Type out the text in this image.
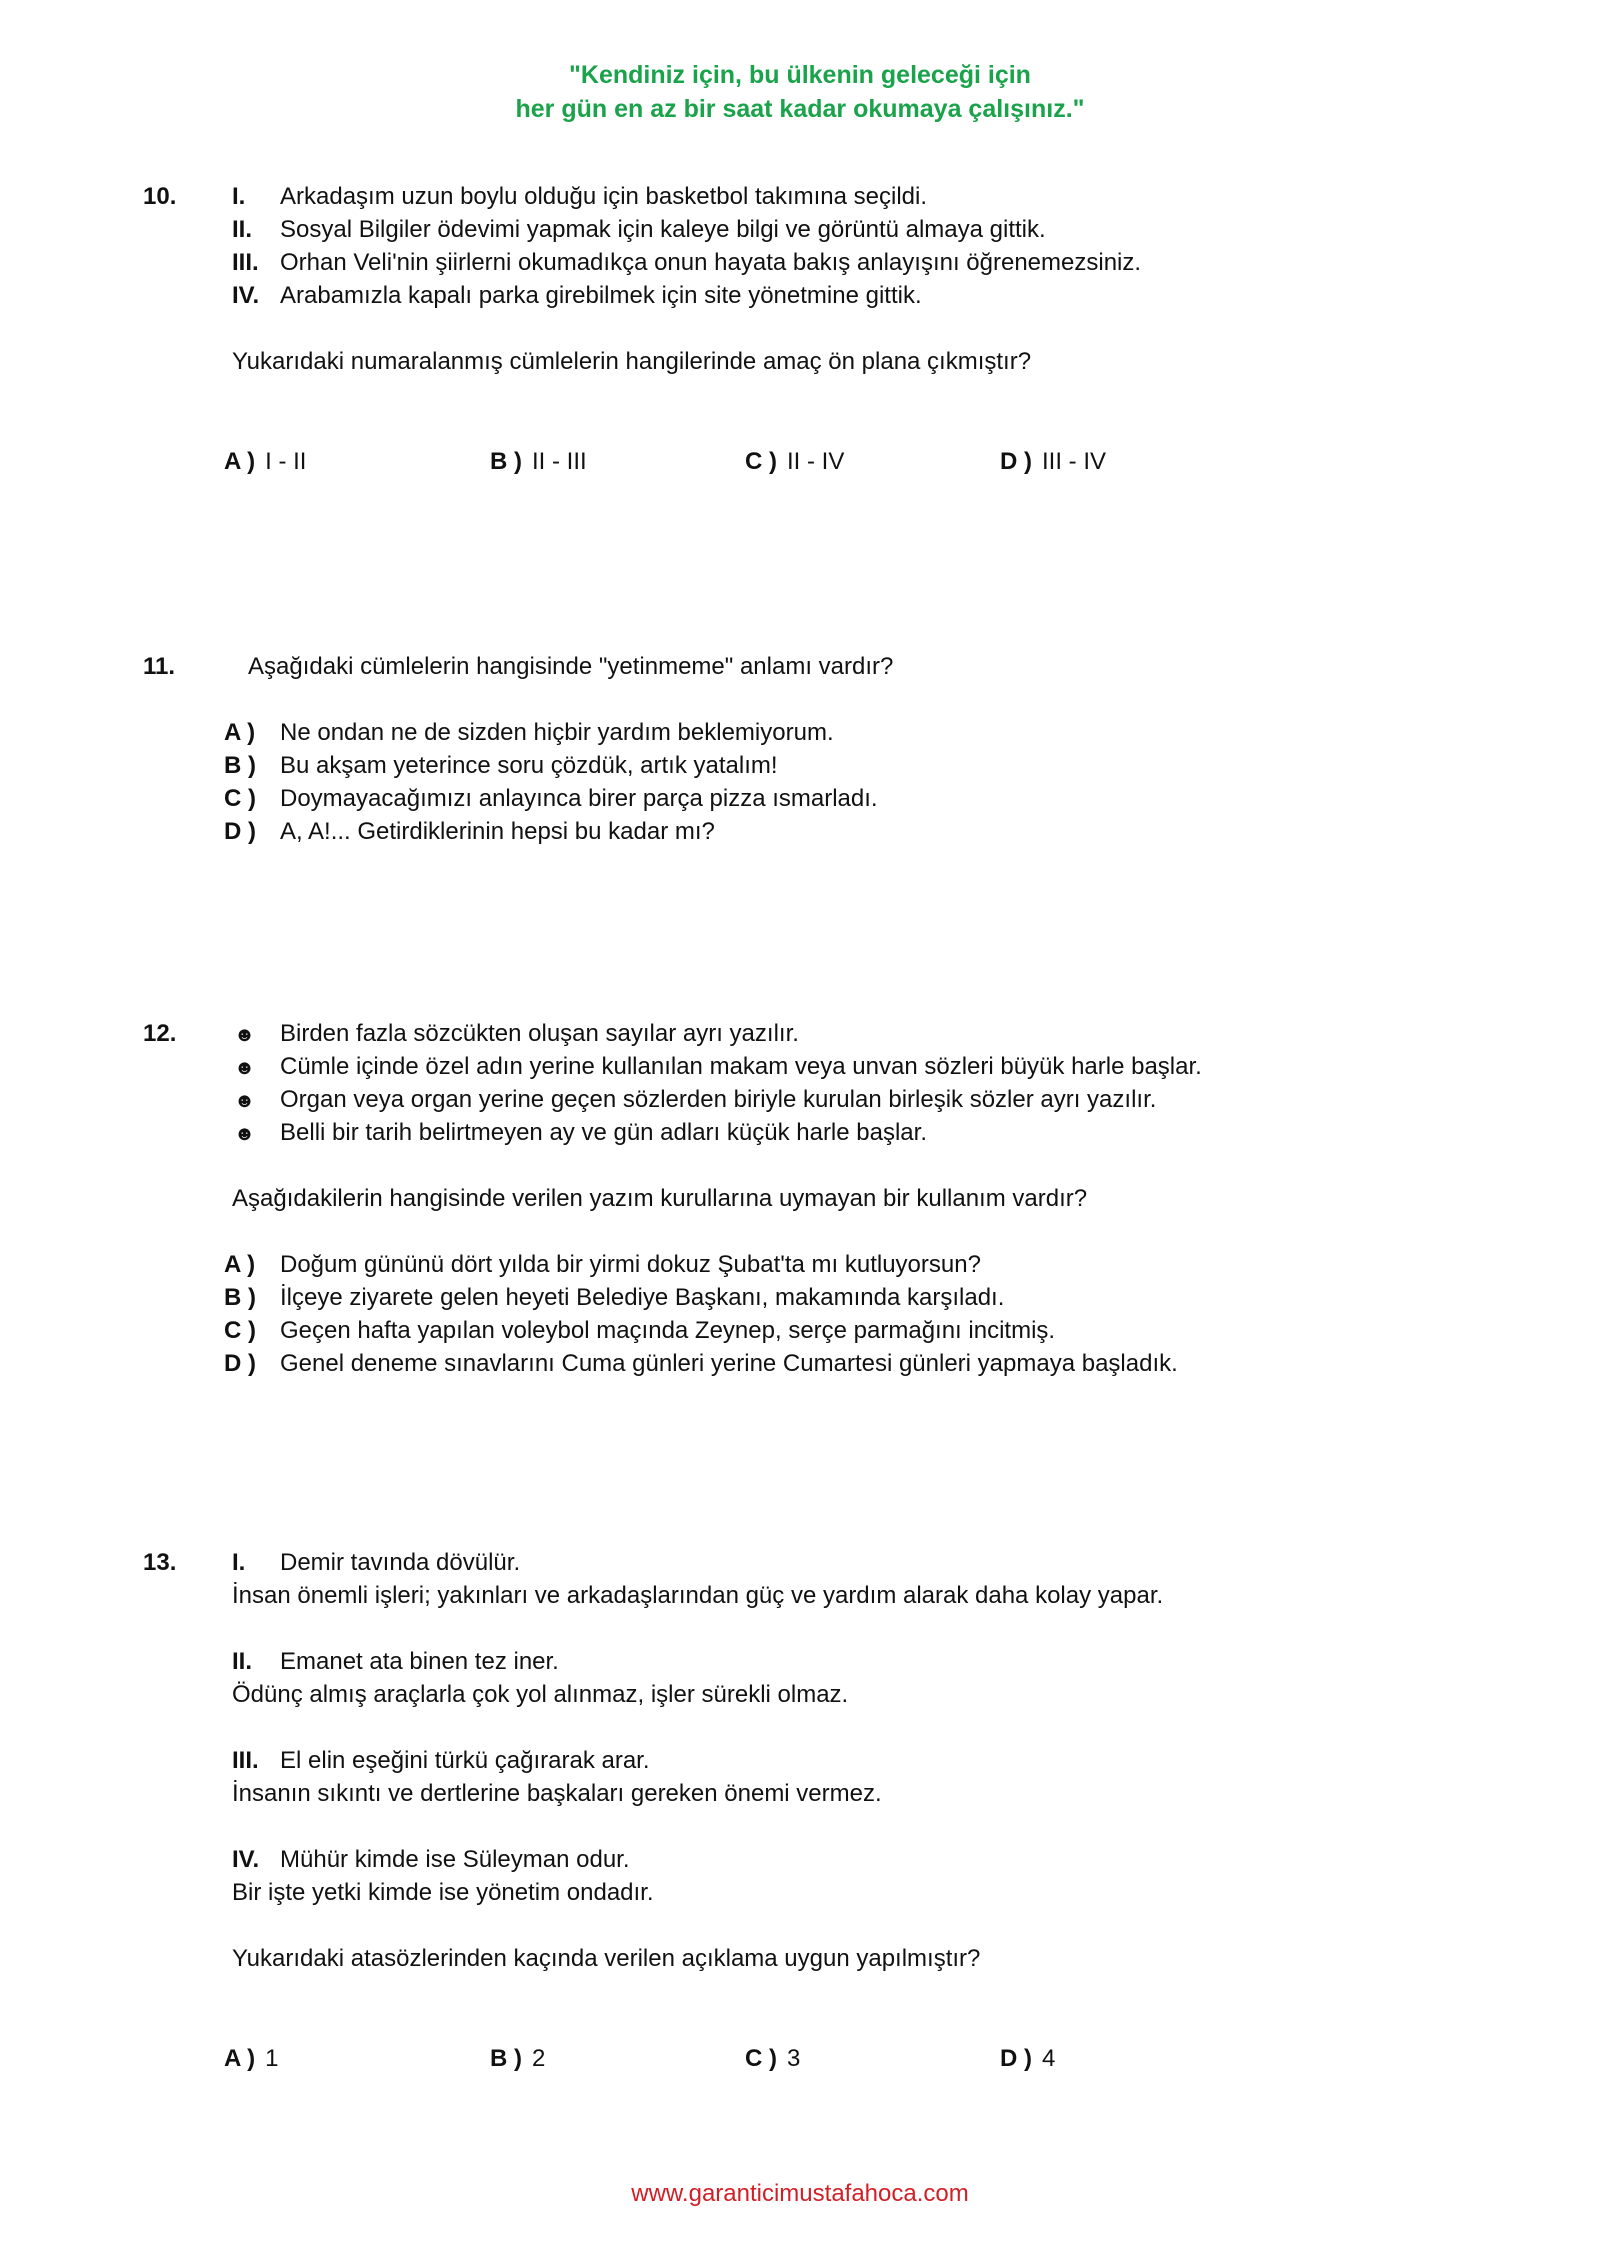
"Kendiniz için, bu ülkenin geleceği için
her gün en az bir saat kadar okumaya çalışınız."
10. I. Arkadaşım uzun boylu olduğu için basketbol takımına seçildi.
II. Sosyal Bilgiler ödevimi yapmak için kaleye bilgi ve görüntü almaya gittik.
III. Orhan Veli'nin şiirlerni okumadıkça onun hayata bakış anlayışını öğrenemezsiniz.
IV. Arabamızla kapalı parka girebilmek için site yönetmine gittik.
Yukarıdaki numaralanmış cümlelerin hangilerinde amaç ön plana çıkmıştır?
A ) I - II	B ) II - III	C ) II - IV	D ) III - IV
11.	Aşağıdaki cümlelerin hangisinde "yetinmeme" anlamı vardır?
A ) Ne ondan ne de sizden hiçbir yardım beklemiyorum.
B ) Bu akşam yeterince soru çözdük, artık yatalım!
C ) Doymayacağımızı anlayınca birer parça pizza ısmarladı.
D ) A, A!... Getirdiklerinin hepsi bu kadar mı?
12.	☻ Birden fazla sözcükten oluşan sayılar ayrı yazılır.
☻ Cümle içinde özel adın yerine kullanılan makam veya unvan sözleri büyük harle başlar.
☻ Organ veya organ yerine geçen sözlerden biriyle kurulan birleşik sözler ayrı yazılır.
☻ Belli bir tarih belirtmeyen ay ve gün adları küçük harle başlar.
Aşağıdakilerin hangisinde verilen yazım kurullarına uymayan bir kullanım vardır?
A ) Doğum gününü dört yılda bir yirmi dokuz Şubat'ta mı kutluyorsun?
B ) İlçeye ziyarete gelen heyeti Belediye Başkanı, makamında karşıladı.
C ) Geçen hafta yapılan voleybol maçında Zeynep, serçe parmağını incitmiş.
D ) Genel deneme sınavlarını Cuma günleri yerine Cumartesi günleri yapmaya başladık.
13. I. Demir tavında dövülür.
İnsan önemli işleri; yakınları ve arkadaşlarından güç ve yardım alarak daha kolay yapar.
II. Emanet ata binen tez iner.
Ödünç almış araçlarla çok yol alınmaz, işler sürekli olmaz.
III. El elin eşeğini türkü çağırarak arar.
İnsanın sıkıntı ve dertlerine başkaları gereken önemi vermez.
IV. Mühür kimde ise Süleyman odur.
Bir işte yetki kimde ise yönetim ondadır.
Yukarıdaki atasözlerinden kaçında verilen açıklama uygun yapılmıştır?
A ) 1	B ) 2	C ) 3	D ) 4
www.garanticimustafahoca.com
